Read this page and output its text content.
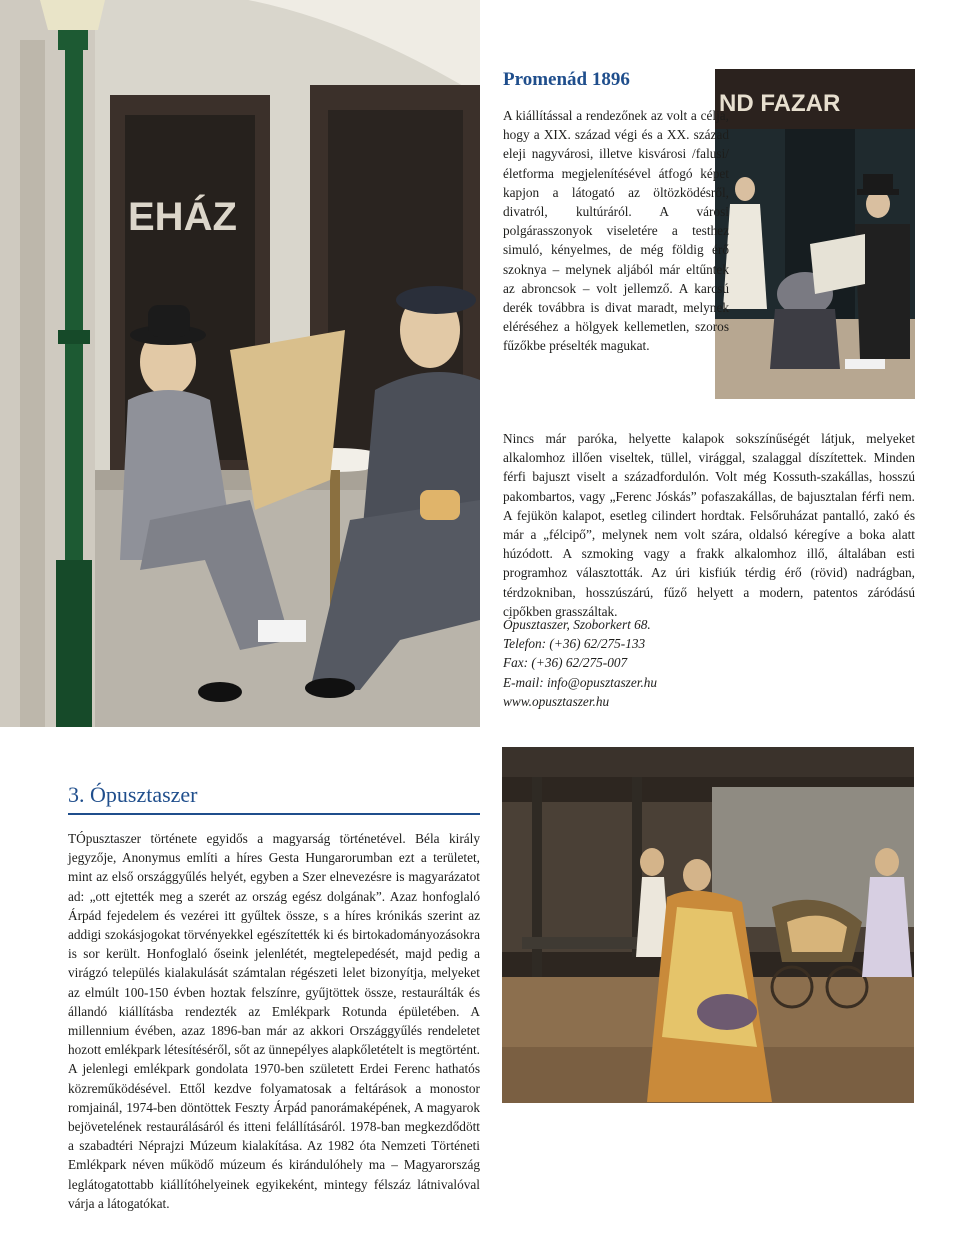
EHÁZ
ND FAZAR
Promenád 1896

A kiállítással a rendezőnek az volt a célja, hogy a XIX. század végi és a XX. század eleji nagyvárosi, illetve kisvárosi /falusi/ életforma megjelenítésével átfogó képet kapjon a látogató az öltözködésről, divatról, kultúráról. A városi polgárasszonyok viseletére a testhez simuló, kényelmes, de még földig érő szoknya – melynek aljából már eltűntek az abroncsok – volt jellemző. A karcsú derék továbbra is divat maradt, melynek eléréséhez a hölgyek kellemetlen, szoros fűzőkbe préselték magukat.

Nincs már paróka, helyette kalapok sokszínűségét látjuk, melyeket alkalomhoz illően viseltek, tüllel, virággal, szalaggal díszítettek. Minden férfi bajuszt viselt a századfordulón. Volt még Kossuth-szakállas, hosszú pakombartos, vagy „Ferenc Jóskás” pofaszakállas, de bajusztalan férfi nem. A fejükön kalapot, esetleg cilindert hordtak. Felsőruházat pantalló, zakó és már a „félcipő”, melynek nem volt szára, oldalsó kéregíve a boka alatt húzódott. A szmoking vagy a frakk alkalomhoz illő, általában esti programhoz választották. Az úri kisfiúk térdig érő (rövid) nadrágban, térdzokniban, hosszúszárú, fűző helyett a modern, patentos záródású cipőkben grasszáltak.

Ópusztaszer, Szoborkert 68.
Telefon: (+36) 62/275-133
Fax: (+36) 62/275-007
E-mail: info@opusztaszer.hu
www.opusztaszer.hu
3. Ópusztaszer

TÓpusztaszer története egyidős a magyarság történetével. Béla király jegyzője, Anonymus említi a híres Gesta Hungarorumban ezt a területet, mint az első országgyűlés helyét, egyben a Szer elnevezésre is magyarázatot ad: „ott ejtették meg a szerét az ország egész dolgának”. Azaz honfoglaló Árpád fejedelem és vezérei itt gyűltek össze, s a híres krónikás szerint az addigi szokásjogokat törvényekkel egészítették ki és birtokadományozásokra is sor került. Honfoglaló őseink jelenlétét, megtelepedését, majd pedig a virágzó település kialakulását számtalan régészeti lelet bizonyítja, melyeket az elmúlt 100-150 évben hoztak felszínre, gyűjtöttek össze, restaurálták és állandó kiállításba rendezték az Emlékpark Rotunda épületében. A millennium évében, azaz 1896-ban már az akkori Országgyűlés rendeletet hozott emlékpark létesítéséről, sőt az ünnepélyes alapkőletételt is megtörtént. A jelenlegi emlékpark gondolata 1970-ben született Erdei Ferenc hathatós közreműködésével. Ettől kezdve folyamatosak a feltárások a monostor romjainál, 1974-ben döntöttek Feszty Árpád panorámaképének, A magyarok bejövetelének restaurálásáról és itteni felállításáról. 1978-ban megkezdődött a szabadtéri Néprajzi Múzeum kialakítása. Az 1982 óta Nemzeti Történeti Emlékpark néven működő múzeum és kirándulóhely ma – Magyarország leglátogatottabb kiállítóhelyeinek egyikeként, mintegy félszáz látnivalóval várja a látogatókat.
